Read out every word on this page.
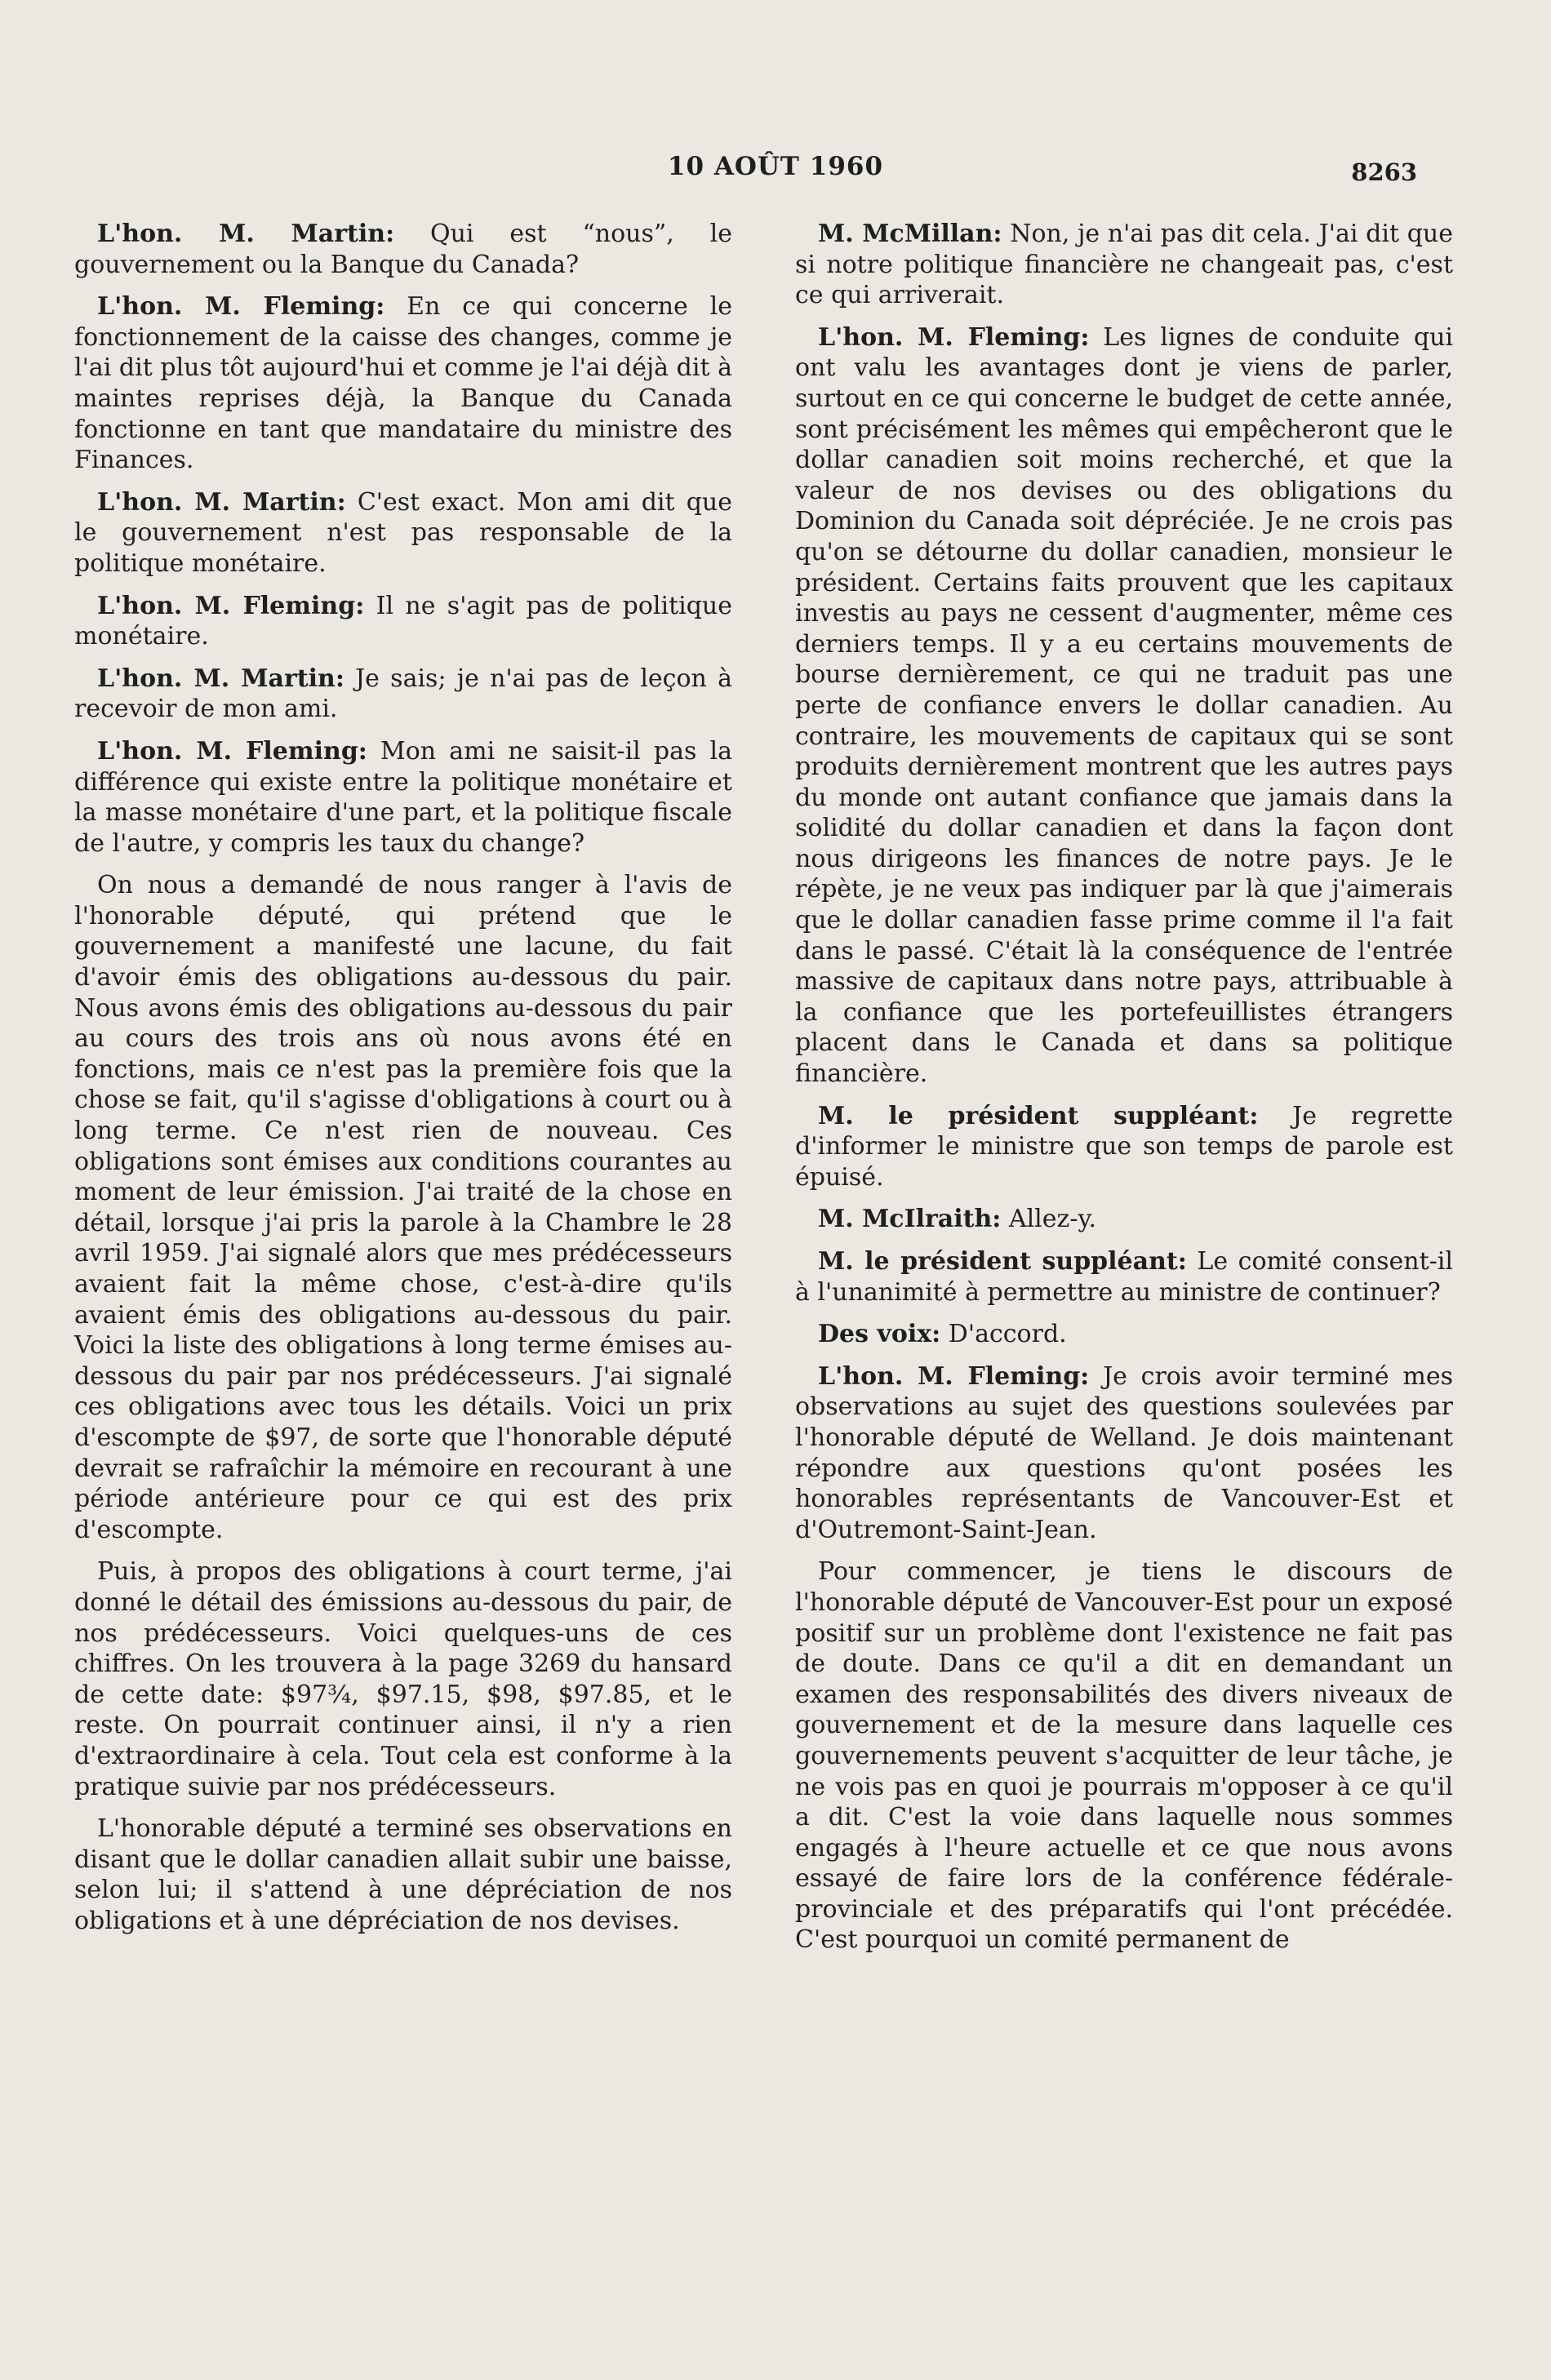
10 AOÛT 1960	8263

L'hon. M. Martin: Qui est “nous”, le gouvernement ou la Banque du Canada?

L'hon. M. Fleming: En ce qui concerne le fonctionnement de la caisse des changes, comme je l'ai dit plus tôt aujourd'hui et comme je l'ai déjà dit à maintes reprises déjà, la Banque du Canada fonctionne en tant que mandataire du ministre des Finances.

L'hon. M. Martin: C'est exact. Mon ami dit que le gouvernement n'est pas responsable de la politique monétaire.

L'hon. M. Fleming: Il ne s'agit pas de politique monétaire.

L'hon. M. Martin: Je sais; je n'ai pas de leçon à recevoir de mon ami.

L'hon. M. Fleming: Mon ami ne saisit-il pas la différence qui existe entre la politique monétaire et la masse monétaire d'une part, et la politique fiscale de l'autre, y compris les taux du change?

On nous a demandé de nous ranger à l'avis de l'honorable député, qui prétend que le gouvernement a manifesté une lacune, du fait d'avoir émis des obligations au-dessous du pair. Nous avons émis des obligations au-dessous du pair au cours des trois ans où nous avons été en fonctions, mais ce n'est pas la première fois que la chose se fait, qu'il s'agisse d'obligations à court ou à long terme. Ce n'est rien de nouveau. Ces obligations sont émises aux conditions courantes au moment de leur émission. J'ai traité de la chose en détail, lorsque j'ai pris la parole à la Chambre le 28 avril 1959. J'ai signalé alors que mes prédécesseurs avaient fait la même chose, c'est-à-dire qu'ils avaient émis des obligations au-dessous du pair. Voici la liste des obligations à long terme émises au-dessous du pair par nos prédécesseurs. J'ai signalé ces obligations avec tous les détails. Voici un prix d'escompte de $97, de sorte que l'honorable député devrait se rafraîchir la mémoire en recourant à une période antérieure pour ce qui est des prix d'escompte.

Puis, à propos des obligations à court terme, j'ai donné le détail des émissions au-dessous du pair, de nos prédécesseurs. Voici quelques-uns de ces chiffres. On les trouvera à la page 3269 du hansard de cette date: $97¾, $97.15, $98, $97.85, et le reste. On pourrait continuer ainsi, il n'y a rien d'extraordinaire à cela. Tout cela est conforme à la pratique suivie par nos prédécesseurs.

L'honorable député a terminé ses observations en disant que le dollar canadien allait subir une baisse, selon lui; il s'attend à une dépréciation de nos obligations et à une dépréciation de nos devises.

M. McMillan: Non, je n'ai pas dit cela. J'ai dit que si notre politique financière ne changeait pas, c'est ce qui arriverait.

L'hon. M. Fleming: Les lignes de conduite qui ont valu les avantages dont je viens de parler, surtout en ce qui concerne le budget de cette année, sont précisément les mêmes qui empêcheront que le dollar canadien soit moins recherché, et que la valeur de nos devises ou des obligations du Dominion du Canada soit dépréciée. Je ne crois pas qu'on se détourne du dollar canadien, monsieur le président. Certains faits prouvent que les capitaux investis au pays ne cessent d'augmenter, même ces derniers temps. Il y a eu certains mouvements de bourse dernièrement, ce qui ne traduit pas une perte de confiance envers le dollar canadien. Au contraire, les mouvements de capitaux qui se sont produits dernièrement montrent que les autres pays du monde ont autant confiance que jamais dans la solidité du dollar canadien et dans la façon dont nous dirigeons les finances de notre pays. Je le répète, je ne veux pas indiquer par là que j'aimerais que le dollar canadien fasse prime comme il l'a fait dans le passé. C'était là la conséquence de l'entrée massive de capitaux dans notre pays, attribuable à la confiance que les portefeuillistes étrangers placent dans le Canada et dans sa politique financière.

M. le président suppléant: Je regrette d'informer le ministre que son temps de parole est épuisé.

M. McIlraith: Allez-y.

M. le président suppléant: Le comité consent-il à l'unanimité à permettre au ministre de continuer?

Des voix: D'accord.

L'hon. M. Fleming: Je crois avoir terminé mes observations au sujet des questions soulevées par l'honorable député de Welland. Je dois maintenant répondre aux questions qu'ont posées les honorables représentants de Vancouver-Est et d'Outremont-Saint-Jean.

Pour commencer, je tiens le discours de l'honorable député de Vancouver-Est pour un exposé positif sur un problème dont l'existence ne fait pas de doute. Dans ce qu'il a dit en demandant un examen des responsabilités des divers niveaux de gouvernement et de la mesure dans laquelle ces gouvernements peuvent s'acquitter de leur tâche, je ne vois pas en quoi je pourrais m'opposer à ce qu'il a dit. C'est la voie dans laquelle nous sommes engagés à l'heure actuelle et ce que nous avons essayé de faire lors de la conférence fédérale-provinciale et des préparatifs qui l'ont précédée. C'est pourquoi un comité permanent de
